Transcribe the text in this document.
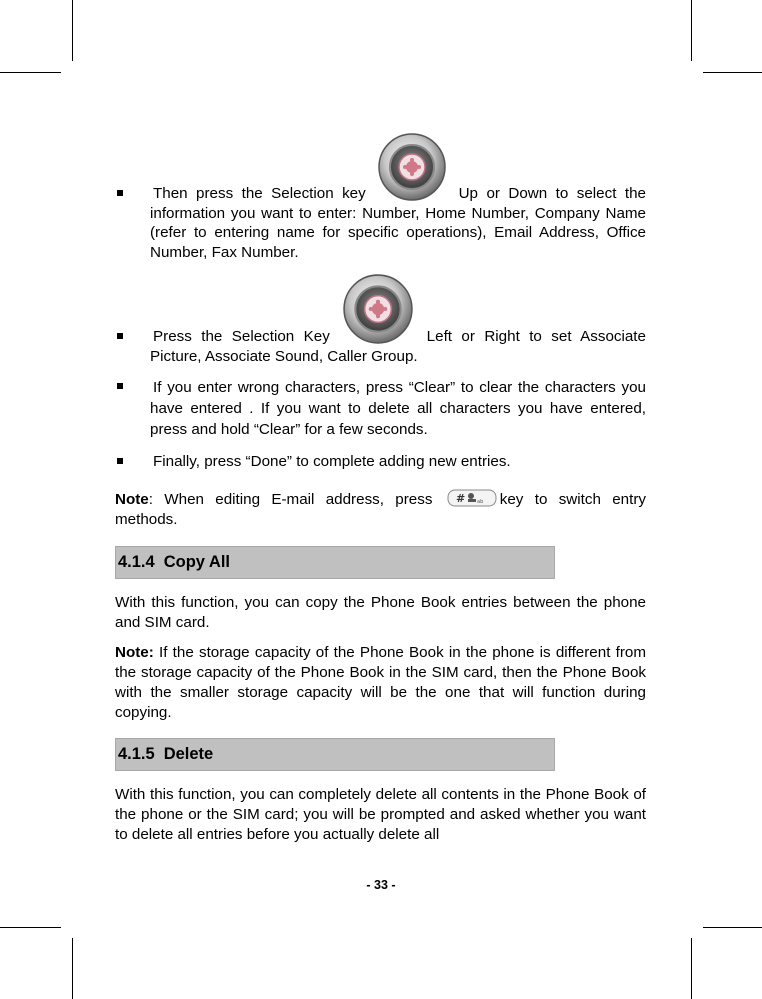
Then press the Selection key	Up or Down to select the information you want to enter: Number, Home Number, Company Name (refer to entering name for specific operations), Email Address, Office Number, Fax Number.
Press the Selection Key	Left or Right to set Associate Picture, Associate Sound, Caller Group.
If you enter wrong characters, press “Clear” to clear the characters you have entered . If you want to delete all characters you have entered, press and hold “Clear” for a few seconds.
Finally, press “Done” to complete adding new entries.
Note: When editing E-mail address, press # ab key to switch entry methods.
4.1.4 Copy All
With this function, you can copy the Phone Book entries between the phone and SIM card.
Note: If the storage capacity of the Phone Book in the phone is different from the storage capacity of the Phone Book in the SIM card, then the Phone Book with the smaller storage capacity will be the one that will function during copying.
4.1.5 Delete
With this function, you can completely delete all contents in the Phone Book of the phone or the SIM card; you will be prompted and asked whether you want to delete all entries before you actually delete all
- 33 -
